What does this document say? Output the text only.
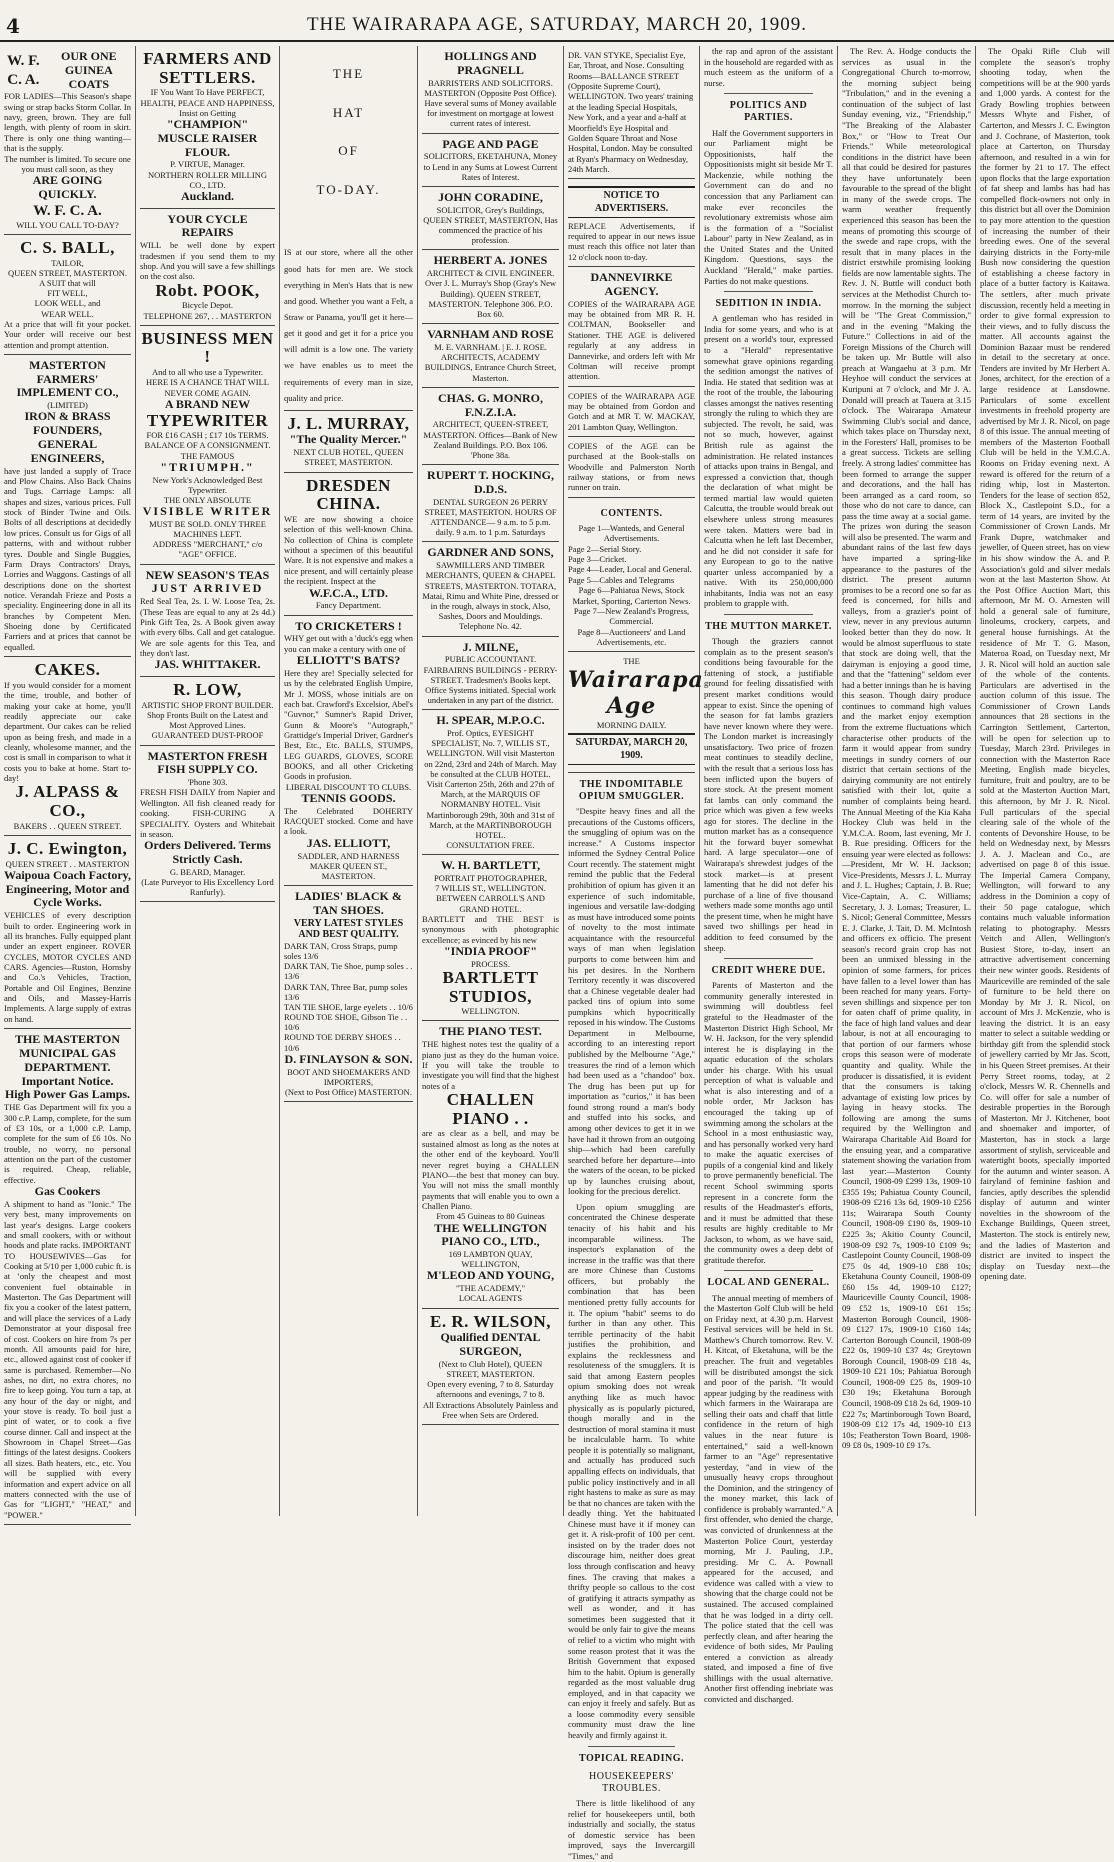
4	THE WAIRARAPA AGE, SATURDAY, MARCH 20, 1909.
W. F. C. A.
OUR ONE GUINEA COATS
FOR LADIES—This Season's shape swing or strap backs Storm Collar. In navy, green, brown. They are full length, with plenty of room in skirt. There is only one thing wanting—that is the supply.
The number is limited. To secure one you must call soon, as they
ARE GOING QUICKLY.
W. F. C. A.
WILL YOU CALL TO-DAY?
C. S. BALL,
TAILOR,
QUEEN STREET, MASTERTON.
A SUIT that will
FIT WELL,
LOOK WELL, and
WEAR WELL.
At a price that will fit your pocket. Your order will receive our best attention and prompt attention.
MASTERTON FARMERS' IMPLEMENT CO.,
(LIMITED)
IRON & BRASS FOUNDERS, GENERAL ENGINEERS,
have just landed a supply of Trace and Plow Chains. Also Back Chains and Tugs. Carriage Lamps: all shapes and sizes, various prices. Full stock of Binder Twine and Oils. Bolts of all descriptions at decidedly low prices. Consult us for Gigs of all patterns, with and without rubber tyres. Double and Single Buggies, Farm Drays Contractors' Drays, Lorries and Waggons. Castings of all descriptions done on the shortest notice. Verandah Frieze and Posts a speciality. Engineering done in all its branches by Competent Men. Shoeing done by Certificated Farriers and at prices that cannot be equalled.
CAKES.
If you would consider for a moment the time, trouble, and bother of making your cake at home, you'll readily appreciate our cake department. Our cakes can be relied upon as being fresh, and made in a cleanly, wholesome manner, and the cost is small in comparison to what it costs you to bake at home. Start to-day!
J. ALPASS & CO.,
BAKERS . . QUEEN STREET.
J. C. Ewington,
QUEEN STREET . . MASTERTON
Waipoua Coach Factory, Engineering, Motor and Cycle Works.
VEHICLES of every description built to order. Engineering work in all its branches. Fully equipped plant under an expert engineer. ROVER CYCLES, MOTOR CYCLES AND CARS. Agencies—Ruston, Hornsby and Co.'s Vehicles, Traction, Portable and Oil Engines, Benzine and Oils, and Massey-Harris Implements. A large supply of extras on hand.
THE MASTERTON MUNICIPAL GAS DEPARTMENT.
Important Notice.
High Power Gas Lamps.
THE Gas Department will fix you a 300 c.P. Lamp, complete, for the sum of £3 10s, or a 1,000 c.P. Lamp, complete for the sum of £6 10s. No trouble, no worry, no personal attention on the part of the customer is required. Cheap, reliable, effective.
Gas Cookers
A shipment to hand as "Ionic." The very best, many improvements on last year's designs. Large cookers and small cookers, with or without hoods and plate racks. IMPORTANT TO HOUSEWIVES—Gas for Cooking at 5/10 per 1,000 cubic ft. is at ‛only the cheapest and most convenient fuel obtainable in Masterton. The Gas Department will fix you a cooker of the latest pattern, and will place the services of a Lady Demonstrator at your disposal free of cost. Cookers on hire from 7s per month. All amounts paid for hire, etc., allowed against cost of cooker if same is purchased. Remember—No ashes, no dirt, no extra chores, no fire to keep going. You turn a tap, at any hour of the day or night, and your stove is ready. To boil just a pint of water, or to cook a five course dinner. Call and inspect at the Showroom in Chapel Street—Gas fittings of the latest designs. Cookers all sizes. Bath heaters, etc., etc. You will be supplied with every information and expert advice on all matters connected with the use of Gas for "LIGHT," "HEAT," and "POWER."
FARMERS AND SETTLERS.
IF You Want To Have PERFECT, HEALTH, PEACE AND HAPPINESS,
Insist on Getting
"CHAMPION" MUSCLE RAISER FLOUR.
P. VIRTUE, Manager.
NORTHERN ROLLER MILLING CO., LTD.
Auckland.
YOUR CYCLE REPAIRS
WILL be well done by expert tradesmen if you send them to my shop. And you will save a few shillings on the cost also.
Robt. POOK,
Bicycle Depot.
TELEPHONE 267, . . MASTERTON
BUSINESS MEN !
And to all who use a Typewriter.
HERE IS A CHANCE THAT WILL NEVER COME AGAIN.
A BRAND NEW
TYPEWRITER
FOR £16 CASH ; £17 10s TERMS.
BALANCE OF A CONSIGNMENT.
THE FAMOUS
"TRIUMPH."
New York's Acknowledged Best Typewriter.
THE ONLY ABSOLUTE
VISIBLE WRITER
MUST BE SOLD. ONLY THREE MACHINES LEFT.
ADDRESS "MERCHANT," c/o "AGE" OFFICE.
NEW SEASON'S TEAS
JUST ARRIVED
Red Seal Tea, 2s. I. W. Loose Tea, 2s. (These Teas are equal to any at 2s 4d.) Pink Gift Tea, 2s. A Book given away with every 6lbs. Call and get catalogue. We are sole agents for this Tea, and they don't last.
JAS. WHITTAKER.
R. LOW,
ARTISTIC SHOP FRONT BUILDER.
Shop Fronts Built on the Latest and Most Approved Lines.
GUARANTEED DUST-PROOF
MASTERTON FRESH FISH SUPPLY CO.
'Phone 303.
FRESH FISH DAILY from Napier and Wellington. All fish cleaned ready for cooking. FISH-CURING A SPECIALITY. Oysters and Whitebait in season.
Orders Delivered. Terms Strictly Cash.
G. BEARD, Manager.
(Late Purveyor to His Excellency Lord Ranfurly).
THE
HAT
OF
TO-DAY.
IS at our store, where all the other good hats for men are. We stock everything in Men's Hats that is new and good. Whether you want a Felt, a Straw or Panama, you'll get it here—get it good and get it for a price you will admit is a low one. The variety we have enables us to meet the requirements of every man in size, quality and price.
J. L. MURRAY,
"The Quality Mercer."
NEXT CLUB HOTEL, QUEEN STREET, MASTERTON.
DRESDEN CHINA.
WE are now showing a choice selection of this well-known China. No collection of China is complete without a specimen of this beautiful Ware. It is not expensive and makes a nice present, and will certainly please the recipient. Inspect at the
W.F.C.A., LTD.
Fancy Department.
TO CRICKETERS !
WHY get out with a 'duck's egg when you can make a century with one of
ELLIOTT'S BATS?
Here they are! Specially selected for us by the celebrated English Umpire, Mr J. MOSS, whose initials are on each bat. Crawford's Excelsior, Abel's "Guvnor," Sumner's Rapid Driver, Gunn & Moore's "Autograph," Grattidge's Imperial Driver, Gardner's Best, Etc., Etc. BALLS, STUMPS, LEG GUARDS, GLOVES, SCORE BOOKS, and all other Cricketing Goods in profusion.
LIBERAL DISCOUNT TO CLUBS.
TENNIS GOODS.
The Celebrated DOHERTY RACQUET stocked. Come and have a look.
JAS. ELLIOTT,
SADDLER, AND HARNESS MAKER QUEEN ST., MASTERTON.
LADIES' BLACK & TAN SHOES.
VERY LATEST STYLES AND BEST QUALITY.
DARK TAN, Cross Straps, pump soles 13/6
DARK TAN, Tie Shoe, pump soles . . 13/6
DARK TAN, Three Bar, pump soles 13/6
TAN TIE SHOE, large eyelets . . 10/6
ROUND TOE SHOE, Gibson Tie . . 10/6
ROUND TOE DERBY SHOES . . 10/6
D. FINLAYSON & SON.
BOOT AND SHOEMAKERS AND IMPORTERS,
(Next to Post Office) MASTERTON.
HOLLINGS AND PRAGNELL
BARRISTERS AND SOLICITORS. MASTERTON (Opposite Post Office). Have several sums of Money available for investment on mortgage at lowest current rates of interest.
PAGE AND PAGE
SOLICITORS, EKETAHUNA, Money to Lend in any Sums at Lowest Current Rates of Interest.
JOHN CORADINE,
SOLICITOR, Grey's Buildings, QUEEN STREET, MASTERTON, Has commenced the practice of his profession.
HERBERT A. JONES
ARCHITECT & CIVIL ENGINEER. Over J. L. Murray's Shop (Gray's New Building). QUEEN STREET, MASTERTON. Telephone 306. P.O. Box 60.
VARNHAM AND ROSE
M. E. VARNHAM. | E. J. ROSE. ARCHITECTS, ACADEMY BUILDINGS, Entrance Church Street, Masterton.
CHAS. G. MONRO, F.N.Z.I.A.
ARCHITECT, QUEEN-STREET, MASTERTON. Offices—Bank of New Zealand Buildings. P.O. Box 106. 'Phone 38a.
RUPERT T. HOCKING, D.D.S.
DENTAL SURGEON 26 PERRY STREET, MASTERTON. HOURS OF ATTENDANCE— 9 a.m. to 5 p.m. daily. 9 a.m. to 1 p.m. Saturdays
GARDNER AND SONS,
SAWMILLERS AND TIMBER MERCHANTS, QUEEN & CHAPEL STREETS, MASTERTON. TOTARA, Matai, Rimu and White Pine, dressed or in the rough, always in stock, Also, Sashes, Doors and Mouldings. Telephone No. 42.
J. MILNE,
PUBLIC ACCOUNTANT. FAIRBAIRNS BUILDINGS - PERRY-STREET. Tradesmen's Books kept. Office Systems initiated. Special work undertaken in any part of the district.
H. SPEAR, M.P.O.C.
Prof. Optics, EYESIGHT SPECIALIST, No. 7, WILLIS ST., WELLINGTON. Will visit Masterton on 22nd, 23rd and 24th of March. May be consulted at the CLUB HOTEL. Visit Carterton 25th, 26th and 27th of March, at the MARQUIS OF NORMANBY HOTEL. Visit Martinborough 29th, 30th and 31st of March, at the MARTINBOROUGH HOTEL.
CONSULTATION FREE.
W. H. BARTLETT,
PORTRAIT PHOTOGRAPHER,
7 WILLIS ST., WELLINGTON.
BETWEEN CARROLL'S AND GRAND HOTEL.
BARTLETT and THE BEST is synonymous with photographic excellence; as evinced by his new
"INDIA PROOF"
PROCESS.
BARTLETT STUDIOS,
WELLINGTON.
THE PIANO TEST.
THE highest notes test the quality of a piano just as they do the human voice. If you will take the trouble to investigate you will find that the highest notes of a
CHALLEN PIANO . .
are as clear as a bell, and may be sustained almost as long as the notes at the other end of the keyboard. You'll never regret buying a CHALLEN PIANO—the best that money can buy. You will not miss the small monthly payments that will enable you to own a Challen Piano.
From 45 Guineas to 80 Guineas
THE WELLINGTON PIANO CO., LTD.,
169 LAMBTON QUAY, WELLINGTON,
M'LEOD AND YOUNG,
"THE ACADEMY,"
LOCAL AGENTS
E. R. WILSON,
Qualified DENTAL SURGEON,
(Next to Club Hotel), QUEEN STREET, MASTERTON.
Open every evening, 7 to 8. Saturday afternoons and evenings, 7 to 8.
All Extractions Absolutely Painless and Free when Sets are Ordered.
DR. VAN STYKE, Specialist Eye, Ear, Throat, and Nose. Consulting Rooms—BALLANCE STREET (Opposite Supreme Court), WELLINGTON. Two years' training at the leading Special Hospitals, New York, and a year and a-half at Moorfield's Eye Hospital and Golden Square Throat and Nose Hospital, London. May be consulted at Ryan's Pharmacy on Wednesday, 24th March.
NOTICE TO ADVERTISERS.
REPLACE Advertisements, if required to appear in our news issue must reach this office not later than 12 o'clock noon to-day.
DANNEVIRKE AGENCY.
COPIES of the WAIRARAPA AGE may be obtained from MR R. H. COLTMAN, Bookseller and Stationer. THE AGE is delivered regularly at any address in Dannevirke, and orders left with Mr Coltman will receive prompt attention.
COPIES of the WAIRARAPA AGE may be obtained from Gordon and Gotch and at MR T. W. MACKAY, 201 Lambton Quay, Wellington.
COPIES of the AGE can be purchased at the Book-stalls on Woodville and Palmerston North railway stations, or from news runner on train.
CONTENTS.
Page 1—Wanteds, and General Advertisements.
Page 2—Serial Story.
Page 3—Cricket.
Page 4—Leader, Local and General.
Page 5—Cables and Telegrams
Page 6—Pahiatua News, Stock Market, Sporting, Carterton News.
Page 7—New Zealand's Progress, Commercial.
Page 8—Auctioneers' and Land Advertisements, etc.
THE
Wairarapa Age
MORNING DAILY.
SATURDAY, MARCH 20, 1909.
THE INDOMITABLE OPIUM SMUGGLER.

"Despite heavy fines and all the precautions of the Customs officers, the smuggling of opium was on the increase." A Customs inspector informed the Sydney Central Police Court recently. The statement might remind the public that the Federal prohibition of opium has given it an experience of such indomitable, ingenious and versatile law-dodging as must have introduced some points of novelty to the most intimate acquaintance with the resourceful ways of man when legislation purports to come between him and his pet desires. In the Northern Territory recently it was discovered that a Chinese vegetable dealer had packed tins of opium into some pumpkins which hypocritically reposed in his window. The Customs Department in Melbourne, according to an interesting report published by the Melbourne "Age," treasures the rind of a lemon which had been used as a "chandoo" box. The drug has been put up for importation as "curios," it has been found strong round a man's body and stuffed into his socks, and among other devices to get it in we have had it thrown from an outgoing ship—which had been carefully searched before her departure—into the waters of the ocean, to be picked up by launches cruising about, looking for the precious derelict.

Upon opium smuggling are concentrated the Chinese desperate tenacity of his habit and his incomparable wiliness. The inspector's explanation of the increase in the traffic was that there are more Chinese than Customs officers, but probably the combination that has been mentioned pretty fully accounts for it. The opium "habit" seems to do further in than any other. This terrible pertinacity of the habit justifies the prohibition, and explains the recklessness and resoluteness of the smugglers. It is said that among Eastern peoples opium smoking does not wreak anything like as much havoc physically as is popularly pictured, though morally and in the destruction of moral stamina it must be incalculable harm. To white people it is potentially so malignant, and actually has produced such appalling effects on individuals, that public policy instinctively and in all right hastens to make as sure as may be that no chances are taken with the deadly thing. Yet the habituated Chinese must have it if money can get it. A risk-profit of 100 per cent. insisted on by the trader does not discourage him, neither does great loss through confiscation and heavy fines. The craving that makes a thrifty people so callous to the cost of gratifying it attracts sympathy as well as wonder, and it has sometimes been suggested that it would be only fair to give the means of relief to a victim who might with some reason protest that it was the British Government that exposed him to the habit. Opium is generally regarded as the most valuable drug employed, and in that capacity we can enjoy it freely and safely. But as a loose commodity every sensible community must draw the line heavily and firmly against it.

TOPICAL READING.
HOUSEKEEPERS' TROUBLES.

There is little likelihood of any relief for housekeepers until, both industrially and socially, the status of domestic service has been improved, says the Invercargill "Times," and

the rap and apron of the assistant in the household are regarded with as much esteem as the uniform of a nurse.

POLITICS AND PARTIES.

Half the Government supporters in our Parliament might be Oppositionists, half the Oppositionists might sit beside Mr T. Mackenzie, while nothing the Government can do and no concession that any Parliament can make ever reconciles the revolutionary extremists whose aim is the formation of a "Socialist Labour" party in New Zealand, as in the United States and the United Kingdom. Questions, says the Auckland "Herald," make parties. Parties do not make questions.

SEDITION IN INDIA.

A gentleman who has resided in India for some years, and who is at present on a world's tour, expressed to a "Herald" representative somewhat grave opinions regarding the sedition amongst the natives of India. He stated that sedition was at the root of the trouble, the labouring classes amongst the natives resenting strongly the ruling to which they are subjected. The revolt, he said, was not so much, however, against British rule as against the administration. He related instances of attacks upon trains in Bengal, and expressed a conviction that, though the declaration of what might be termed martial law would quieten Calcutta, the trouble would break out elsewhere unless strong measures were taken. Matters were bad in Calcutta when he left last December, and he did not consider it safe for any European to go to the native quarter unless accompanied by a native. With its 250,000,000 inhabitants, India was not an easy problem to grapple with.

THE MUTTON MARKET.

Though the graziers cannot complain as to the present season's conditions being favourable for the fattening of stock, a justifiable ground for feeling dissatisfied with present market conditions would appear to exist. Since the opening of the season for fat lambs graziers have never known where they were. The London market is increasingly unsatisfactory. Two price of frozen meat continues to steadily decline, with the result that a serious loss has been inflicted upon the buyers of store stock. At the present moment fat lambs can only command the price which was given a few weeks ago for stores. The decline in the mutton market has as a consequence hit the forward buyer somewhat hard. A large speculator—one of Wairarapa's shrewdest judges of the stock market—is at present lamenting that he did not defer his purchase of a line of five thousand wethers made some months ago until the present time, when he might have saved two shillings per head in addition to feed consumed by the sheep.

CREDIT WHERE DUE.

Parents of Masterton and the community generally interested in swimming will doubtless feel grateful to the Headmaster of the Masterton District High School, Mr W. H. Jackson, for the very splendid interest he is displaying in the aquatic education of the scholars under his charge. With his usual perception of what is valuable and what is also interesting and of a noble order, Mr Jackson has encouraged the taking up of swimming among the scholars at the School in a most enthusiastic way, and has personally worked very hard to make the aquatic exercises of pupils of a congenial kind and likely to prove permanently beneficial. The recent School swimming sports represent in a concrete form the results of the Headmaster's efforts, and it must be admitted that these results are highly creditable to Mr Jackson, to whom, as we have said, the community owes a deep debt of gratitude therefor.

LOCAL AND GENERAL.

The annual meeting of members of the Masterton Golf Club will be held on Friday next, at 4.30 p.m. Harvest Festival services will be held in St. Matthew's Church tomorrow. Rev. V. H. Kitcat, of Eketahuna, will be the preacher. The fruit and vegetables will be distributed amongst the sick and poor of the parish. "It would appear judging by the readiness with which farmers in the Wairarapa are selling their oats and chaff that little confidence in the return of high values in the near future is entertained," said a well-known farmer to an "Age" representative yesterday, "and in view of the unusually heavy crops throughout the Dominion, and the stringency of the money market, this lack of confidence is probably warranted." A first offender, who denied the charge, was convicted of drunkenness at the Masterton Police Court, yesterday morning, Mr J. Pauling, J.P., presiding. Mr C. A. Pownall appeared for the accused, and evidence was called with a view to showing that the charge could not be sustained. The accused complained that he was lodged in a dirty cell. The police stated that the cell was perfectly clean, and after hearing the evidence of both sides, Mr Pauling entered a conviction as already stated, and imposed a fine of five shillings with the usual alternative. Another first offending inebriate was convicted and discharged.

The Rev. A. Hodge conducts the services as usual in the Congregational Church to-morrow, the morning subject being "Tribulation," and in the evening a continuation of the subject of last Sunday evening, viz., "Friendship," "The Breaking of the Alabaster Box," or "How to Treat Our Friends." While meteorological conditions in the district have been all that could be desired for pastures they have unfortunately been favourable to the spread of the blight in many of the swede crops. The warm weather frequently experienced this season has been the means of promoting this scourge of the swede and rape crops, with the result that in many places in the district erstwhile promising looking fields are now lamentable sights. The Rev. J. N. Buttle will conduct both services at the Methodist Church to-morrow. In the morning the subject will be "The Great Commission," and in the evening "Making the Future." Collections in aid of the Foreign Missions of the Church will be taken up. Mr Buttle will also preach at Wangaehu at 3 p.m. Mr Heyhoe will conduct the services at Kuripuni at 7 o'clock, and Mr J. A. Donald will preach at Tauera at 3.15 o'clock. The Wairarapa Amateur Swimming Club's social and dance, which takes place on Thursday next, in the Foresters' Hall, promises to be a great success. Tickets are selling freely. A strong ladies' committee has been formed to arrange the supper and decorations, and the hall has been arranged as a card room, so those who do not care to dance, can pass the time away at a social game. The prizes won during the season will also be presented. The warm and abundant rains of the last few days have imparted a spring-like appearance to the pastures of the district. The present autumn promises to be a record one so far as feed is concerned, for hills and valleys, from a grazier's point of view, never in any previous autumn looked better than they do now. It would be almost superfluous to state that stock are doing well, that the dairyman is enjoying a good time, and that the "fattening" seldom ever had a better innings than he is having this season. Though dairy produce continues to command high values and the market enjoy exemption from the extreme fluctuations which characterise other products of the farm it would appear from sundry meetings in sundry corners of our district that certain sections of the dairying community are not entirely satisfied with their lot, quite a number of complaints being heard. The Annual Meeting of the Kia Kaha Hockey Club was held in the Y.M.C.A. Room, last evening, Mr J. B. Rue presiding. Officers for the ensuing year were elected as follows:—President, Mr W. H. Jackson; Vice-Presidents, Messrs J. L. Murray and J. L. Hughes; Captain, J. B. Rue; Vice-Captain, A. C. Williams; Secretary, J. J. Lomas; Treasurer, L. S. Nicol; General Committee, Messrs E. J. Clarke, J. Tait, D. M. McIntosh and officers ex officio. The present season's record grain crop has not been an unmixed blessing in the opinion of some farmers, for prices have fallen to a level lower than has been reached for many years. Forty-seven shillings and sixpence per ton for oaten chaff of prime quality, in the face of high land values and dear labour, is not at all encouraging to that portion of our farmers whose crops this season were of moderate quantity and quality. While the producer is dissatisfied, it is evident that the consumers is taking advantage of existing low prices by laying in heavy stocks. The following are among the sums required by the Wellington and Wairarapa Charitable Aid Board for the ensuing year, and a comparative statement showing the variation from last year:—Masterton County Council, 1908-09 £299 13s, 1909-10 £355 19s; Pahiatua County Council, 1908-09 £216 13s 6d, 1909-10 £256 11s; Wairarapa South County Council, 1908-09 £190 8s, 1909-10 £225 3s; Akitio County Council, 1908-09 £92 7s, 1909-10 £109 9s; Castlepoint County Council, 1908-09 £75 0s 4d, 1909-10 £88 10s; Eketahuna County Council, 1908-09 £60 15s 4d, 1909-10 £127; Mauriceville County Council, 1908-09 £52 1s, 1909-10 £61 15s; Masterton Borough Council, 1908-09 £127 17s, 1909-10 £160 14s; Carterton Borough Council, 1908-09 £22 0s, 1909-10 £37 4s; Greytown Borough Council, 1908-09 £18 4s, 1909-10 £21 10s; Pahiatua Borough Council, 1908-09 £25 8s, 1909-10 £30 19s; Eketahuna Borough Council, 1908-09 £18 2s 6d, 1909-10 £22 7s; Martinborough Town Board, 1908-09 £12 17s 4d, 1909-10 £13 10s; Featherston Town Board, 1908-09 £8 0s, 1909-10 £9 17s.

The Opaki Rifle Club will complete the season's trophy shooting today, when the competitions will be at the 900 yards and 1,000 yards. A contest for the Grady Bowling trophies between Messrs Whyte and Fisher, of Carterton, and Messrs J. C. Ewington and J. Cochrane, of Masterton, took place at Carterton, on Thursday afternoon, and resulted in a win for the former by 21 to 17. The effect upon flocks that the large exportation of fat sheep and lambs has had has compelled flock-owners not only in this district but all over the Dominion to pay more attention to the question of increasing the number of their breeding ewes. One of the several dairying districts in the Forty-mile Bush now considering the question of establishing a cheese factory in place of a butter factory is Kaitawa. The settlers, after much private discussion, recently held a meeting in order to give formal expression to their views, and to fully discuss the matter. All accounts against the Dominion Bazaar must be rendered in detail to the secretary at once. Tenders are invited by Mr Herbert A. Jones, architect, for the erection of a large residence at Lansdowne. Particulars of some excellent investments in freehold property are advertised by Mr J. R. Nicol, on page 8 of this issue. The annual meeting of members of the Masterton Football Club will be held in the Y.M.C.A. Rooms on Friday evening next. A reward is offered for the return of a riding whip, lost in Masterton. Tenders for the lease of section 852, Block X., Castlepoint S.D., for a term of 14 years, are invited by the Commissioner of Crown Lands. Mr Frank Dupre, watchmaker and jeweller, of Queen street, has on view in his show window the A. and P. Association's gold and silver medals won at the last Masterton Show. At the Post Office Auction Mart, this afternoon, Mr M. O. Arnesten will hold a general sale of furniture, linoleums, crockery, carpets, and general house furnishings. At the residence of Mr T. G. Mason, Materoa Road, on Tuesday next, Mr J. R. Nicol will hold an auction sale of the whole of the contents. Particulars are advertised in the auction column of this issue. The Commissioner of Crown Lands announces that 28 sections in the Carrington Settlement, Carterton, will be open for selection up to Tuesday, March 23rd. Privileges in connection with the Masterton Race Meeting, English made bicycles, furniture, fruit and poultry, are to be sold at the Masterton Auction Mart, this afternoon, by Mr J. R. Nicol. Full particulars of the special clearing sale of the whole of the contents of Devonshire House, to be held on Wednesday next, by Messrs J. A. J. Maclean and Co., are advertised on page 8 of this issue. The Imperial Camera Company, Wellington, will forward to any address in the Dominion a copy of their 50 page catalogue, which contains much valuable information relating to photography. Messrs Veitch and Allen, Wellington's Busiest Store, to-day, insert an attractive advertisement concerning their new winter goods. Residents of Mauriceville are reminded of the sale of furniture to be held there on Monday by Mr J. R. Nicol, on account of Mrs J. McKenzie, who is leaving the district. It is an easy matter to select a suitable wedding or birthday gift from the splendid stock of jewellery carried by Mr Jas. Scott, in his Queen Street premises. At their Perry Street rooms, today, at 2 o'clock, Messrs W. R. Chennells and Co. will offer for sale a number of desirable properties in the Borough of Masterton. Mr J. Kitchener, boot and shoemaker and importer, of Masterton, has in stock a large assortment of stylish, serviceable and watertight boots, specially imported for the autumn and winter season. A fairyland of feminine fashion and fancies, aptly describes the splendid display of autumn and winter novelties in the showroom of the Exchange Buildings, Queen street, Masterton. The stock is entirely new, and the ladies of Masterton and district are invited to inspect the display on Tuesday next—the opening date.
